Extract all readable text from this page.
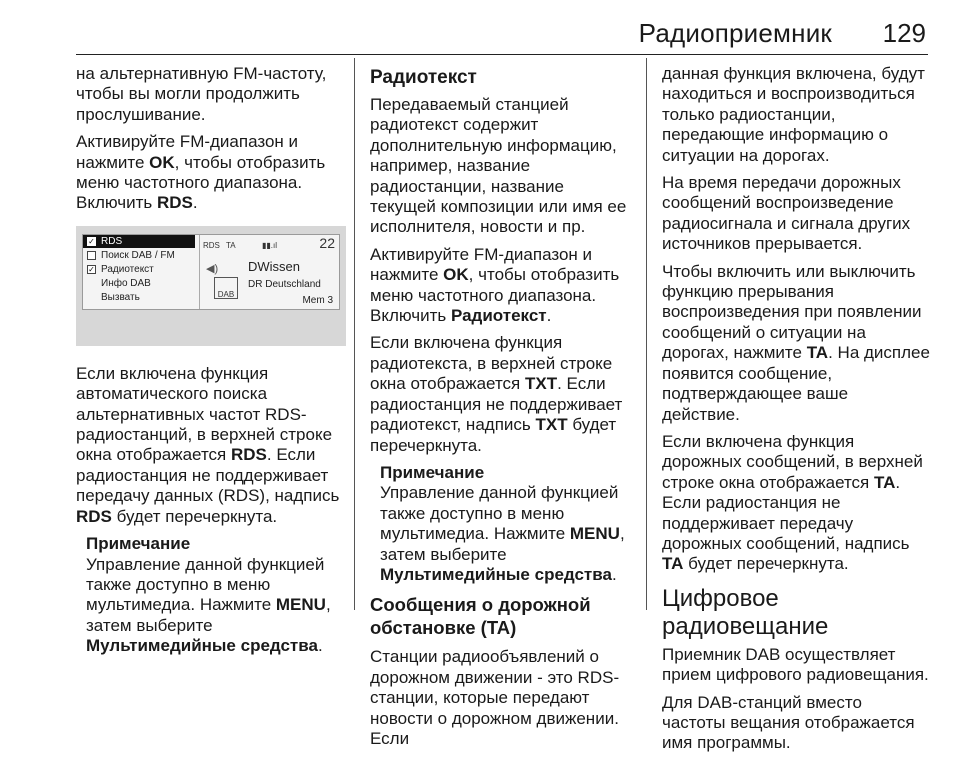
Радиоприемник 129

на альтернативную FM-частоту, чтобы вы могли продолжить прослушивание.

Активируйте FM-диапазон и нажмите OK, чтобы отобразить меню частотного диапазона. Включить RDS.

✓ RDS
Поиск DAB / FM
✓ Радиотекст
Инфо DAB
Вызвать
RDS TA	▮▮.ıl	22
◀︎) DWissen
DR Deutschland
Mem 3
DAB

Если включена функция автоматического поиска альтернативных частот RDS-радиостанций, в верхней строке окна отображается RDS. Если радиостанция не поддерживает передачу данных (RDS), надпись RDS будет перечеркнута.

Примечание
Управление данной функцией также доступно в меню мультимедиа. Нажмите MENU, затем выберите Мультимедийные средства.
Радиотекст

Передаваемый станцией радиотекст содержит дополнительную информацию, например, название радиостанции, название текущей композиции или имя ее исполнителя, новости и пр.

Активируйте FM-диапазон и нажмите OK, чтобы отобразить меню частотного диапазона. Включить Радиотекст.

Если включена функция радиотекста, в верхней строке окна отображается TXT. Если радиостанция не поддерживает радиотекст, надпись TXT будет перечеркнута.

Примечание
Управление данной функцией также доступно в меню мультимедиа. Нажмите MENU, затем выберите Мультимедийные средства.
Сообщения о дорожной обстановке (TA)

Станции радиообъявлений о дорожном движении - это RDS-станции, которые передают новости о дорожном движении. Если

данная функция включена, будут находиться и воспроизводиться только радиостанции, передающие информацию о ситуации на дорогах.

На время передачи дорожных сообщений воспроизведение радиосигнала и сигнала других источников прерывается.

Чтобы включить или выключить функцию прерывания воспроизведения при появлении сообщений о ситуации на дорогах, нажмите TA. На дисплее появится сообщение, подтверждающее ваше действие.

Если включена функция дорожных сообщений, в верхней строке окна отображается TA. Если радиостанция не поддерживает передачу дорожных сообщений, надпись TA будет перечеркнута.

Цифровое радиовещание

Приемник DAB осуществляет прием цифрового радиовещания.

Для DAB-станций вместо частоты вещания отображается имя программы.
